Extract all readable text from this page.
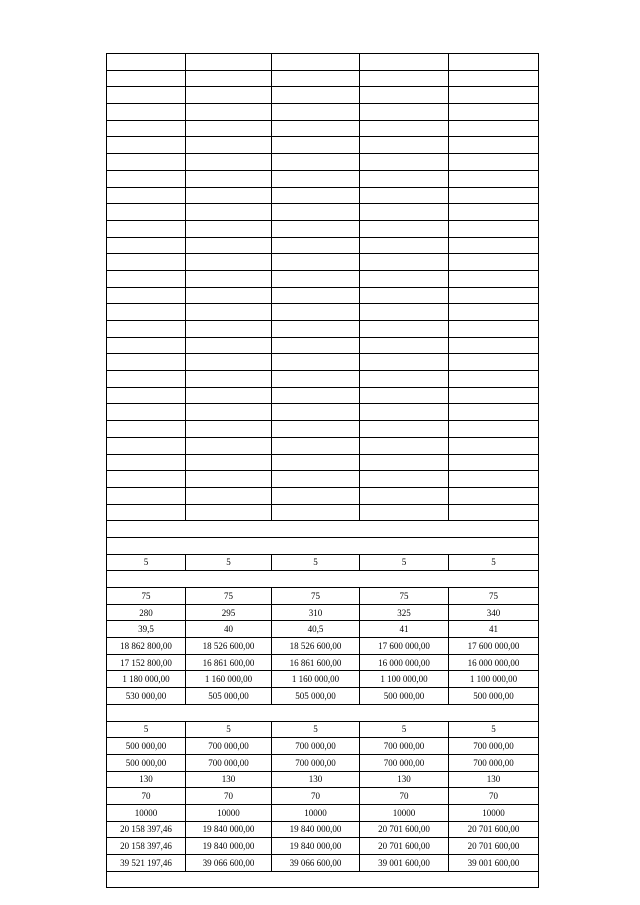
5	5	5	5	5

75	75	75	75	75
280	295	310	325	340
39,5	40	40,5	41	41
18 862 800,00	18 526 600,00	18 526 600,00	17 600 000,00	17 600 000,00
17 152 800,00	16 861 600,00	16 861 600,00	16 000 000,00	16 000 000,00
1 180 000,00	1 160 000,00	1 160 000,00	1 100 000,00	1 100 000,00
530 000,00	505 000,00	505 000,00	500 000,00	500 000,00

5	5	5	5	5
500 000,00	700 000,00	700 000,00	700 000,00	700 000,00
500 000,00	700 000,00	700 000,00	700 000,00	700 000,00
130	130	130	130	130
70	70	70	70	70
10000	10000	10000	10000	10000
20 158 397,46	19 840 000,00	19 840 000,00	20 701 600,00	20 701 600,00
20 158 397,46	19 840 000,00	19 840 000,00	20 701 600,00	20 701 600,00
39 521 197,46	39 066 600,00	39 066 600,00	39 001 600,00	39 001 600,00
